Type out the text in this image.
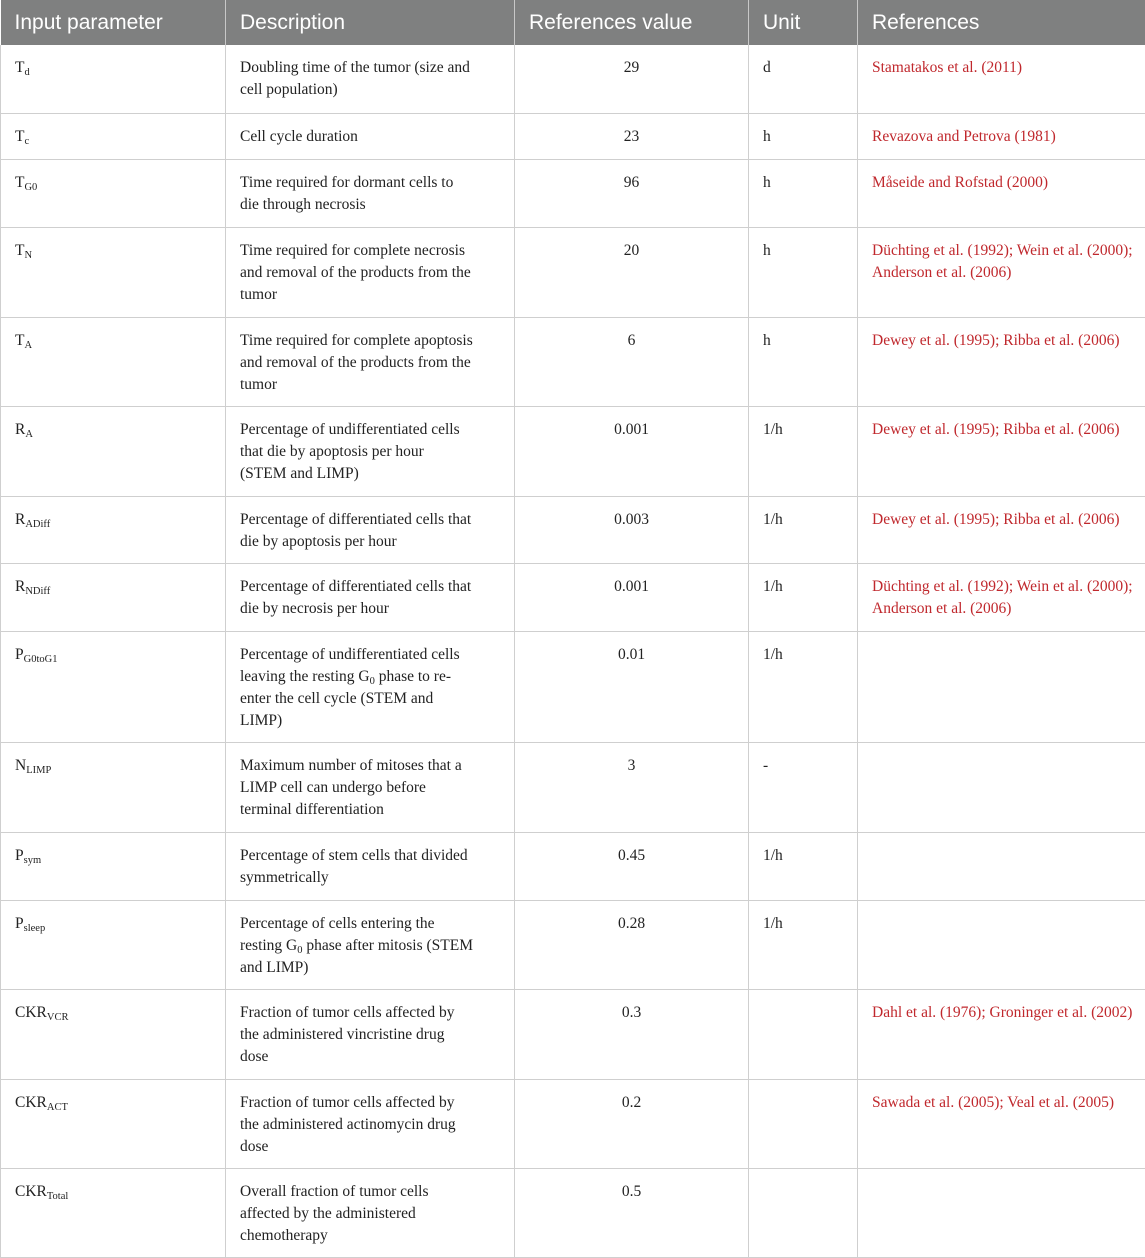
Input parameter	Description	References value	Unit	References
$T_d$	Doubling time of the tumor (size and cell population)	29	d	Stamatakos et al. (2011)
$T_c$	Cell cycle duration	23	h	Revazova and Petrova (1981)
$T_{G0}$	Time required for dormant cells to die through necrosis	96	h	Måseide and Rofstad (2000)
$T_N$	Time required for complete necrosis and removal of the products from the tumor	20	h	Düchting et al. (1992); Wein et al. (2000); Anderson et al. (2006)
$T_A$	Time required for complete apoptosis and removal of the products from the tumor	6	h	Dewey et al. (1995); Ribba et al. (2006)
$R_A$	Percentage of undifferentiated cells that die by apoptosis per hour (STEM and LIMP)	0.001	1/h	Dewey et al. (1995); Ribba et al. (2006)
$R_{ADiff}$	Percentage of differentiated cells that die by apoptosis per hour	0.003	1/h	Dewey et al. (1995); Ribba et al. (2006)
$R_{NDiff}$	Percentage of differentiated cells that die by necrosis per hour	0.001	1/h	Düchting et al. (1992); Wein et al. (2000); Anderson et al. (2006)
$P_{G0toG1}$	Percentage of undifferentiated cells leaving the resting $G_0$ phase to re-enter the cell cycle (STEM and LIMP)	0.01	1/h	
$N_{LIMP}$	Maximum number of mitoses that a LIMP cell can undergo before terminal differentiation	3	-	
$P_{sym}$	Percentage of stem cells that divided symmetrically	0.45	1/h	
$P_{sleep}$	Percentage of cells entering the resting $G_0$ phase after mitosis (STEM and LIMP)	0.28	1/h	
$CKR_{VCR}$	Fraction of tumor cells affected by the administered vincristine drug dose	0.3		Dahl et al. (1976); Groninger et al. (2002)
$CKR_{ACT}$	Fraction of tumor cells affected by the administered actinomycin drug dose	0.2		Sawada et al. (2005); Veal et al. (2005)
$CKR_{Total}$	Overall fraction of tumor cells affected by the administered chemotherapy	0.5		
